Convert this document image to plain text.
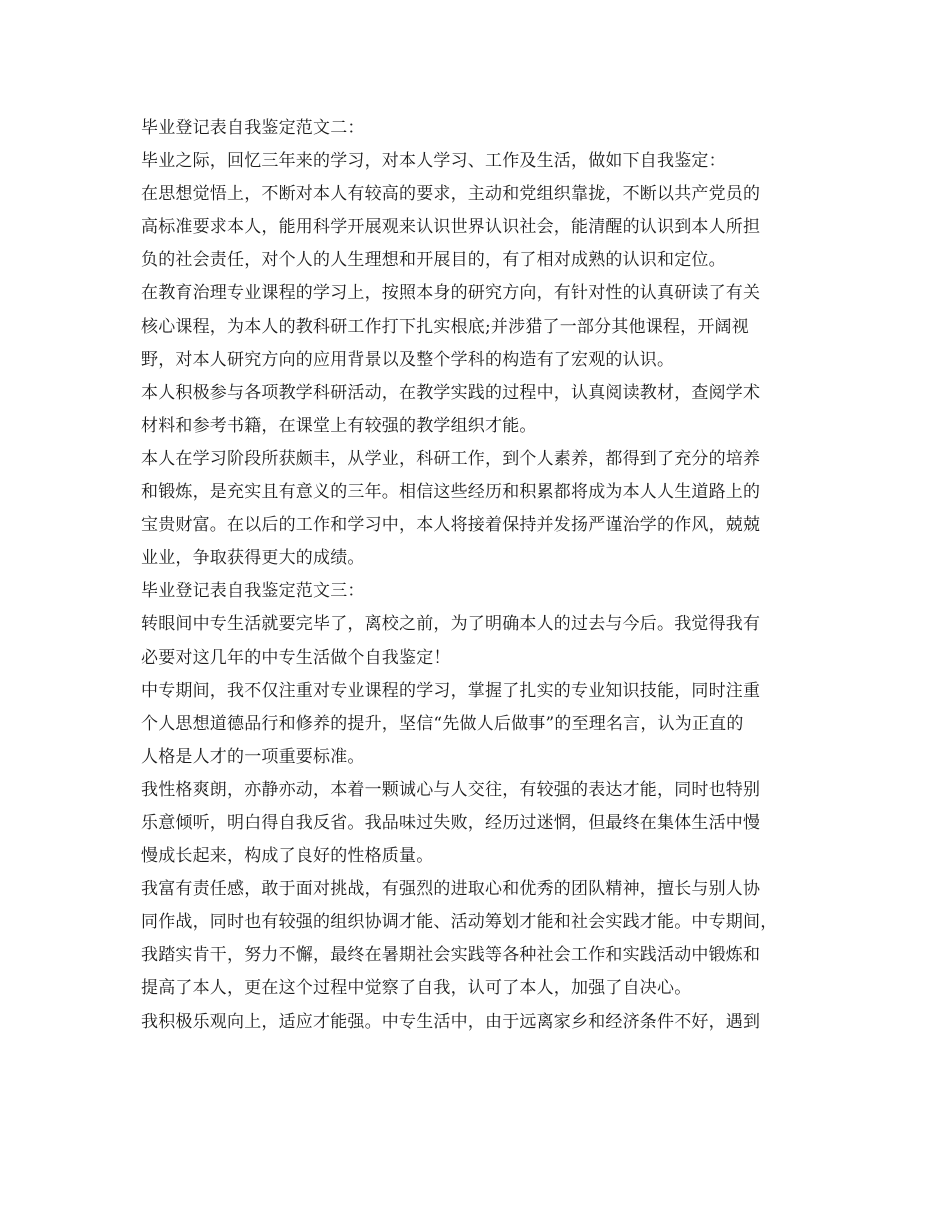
毕业登记表自我鉴定范文二：
毕业之际，回忆三年来的学习，对本人学习、工作及生活，做如下自我鉴定：
在思想觉悟上，不断对本人有较高的要求，主动和党组织靠拢，不断以共产党员的
高标准要求本人，能用科学开展观来认识世界认识社会，能清醒的认识到本人所担
负的社会责任，对个人的人生理想和开展目的，有了相对成熟的认识和定位。
在教育治理专业课程的学习上，按照本身的研究方向，有针对性的认真研读了有关
核心课程，为本人的教科研工作打下扎实根底;并涉猎了一部分其他课程，开阔视
野，对本人研究方向的应用背景以及整个学科的构造有了宏观的认识。
本人积极参与各项教学科研活动，在教学实践的过程中，认真阅读教材，查阅学术
材料和参考书籍，在课堂上有较强的教学组织才能。
本人在学习阶段所获颇丰，从学业，科研工作，到个人素养，都得到了充分的培养
和锻炼，是充实且有意义的三年。相信这些经历和积累都将成为本人人生道路上的
宝贵财富。在以后的工作和学习中，本人将接着保持并发扬严谨治学的作风，兢兢
业业，争取获得更大的成绩。
毕业登记表自我鉴定范文三：
转眼间中专生活就要完毕了，离校之前，为了明确本人的过去与今后。我觉得我有
必要对这几年的中专生活做个自我鉴定！
中专期间，我不仅注重对专业课程的学习，掌握了扎实的专业知识技能，同时注重
个人思想道德品行和修养的提升，坚信“先做人后做事”的至理名言，认为正直的
人格是人才的一项重要标准。
我性格爽朗，亦静亦动，本着一颗诚心与人交往，有较强的表达才能，同时也特别
乐意倾听，明白得自我反省。我品味过失败，经历过迷惘，但最终在集体生活中慢
慢成长起来，构成了良好的性格质量。
我富有责任感，敢于面对挑战，有强烈的进取心和优秀的团队精神，擅长与别人协
同作战，同时也有较强的组织协调才能、活动筹划才能和社会实践才能。中专期间，
我踏实肯干，努力不懈，最终在暑期社会实践等各种社会工作和实践活动中锻炼和
提高了本人，更在这个过程中觉察了自我，认可了本人，加强了自决心。
我积极乐观向上，适应才能强。中专生活中，由于远离家乡和经济条件不好，遇到
